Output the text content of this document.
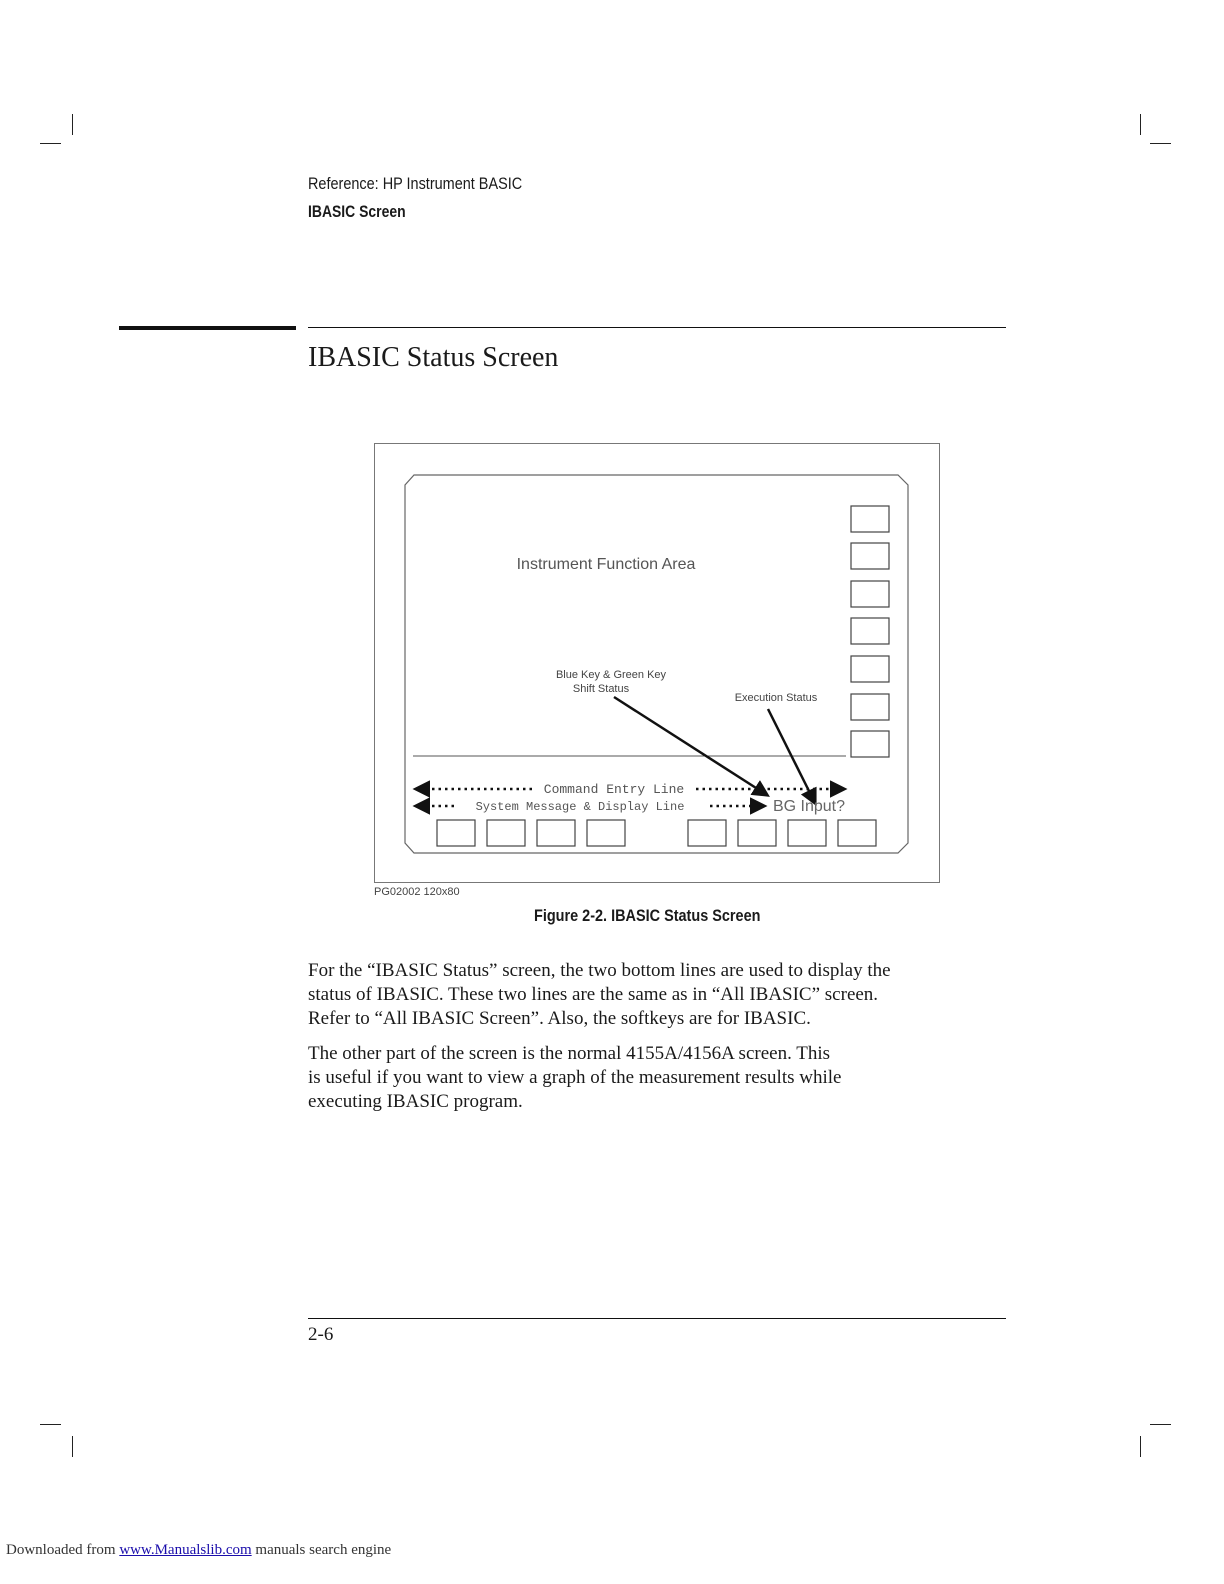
Reference: HP Instrument BASIC
IBASIC Screen
IBASIC Status Screen
Instrument Function Area
Blue Key & Green Key
Shift Status
Execution Status
Command Entry Line
System Message & Display Line	BG Input?
PG02002 120x80
Figure 2-2. IBASIC Status Screen
For the “IBASIC Status” screen, the two bottom lines are used to display the
status of IBASIC. These two lines are the same as in “All IBASIC” screen.
Refer to “All IBASIC Screen”. Also, the softkeys are for IBASIC.
The other part of the screen is the normal 4155A/4156A screen. This
is useful if you want to view a graph of the measurement results while
executing IBASIC program.
2-6
Downloaded from www.Manualslib.com manuals search engine
